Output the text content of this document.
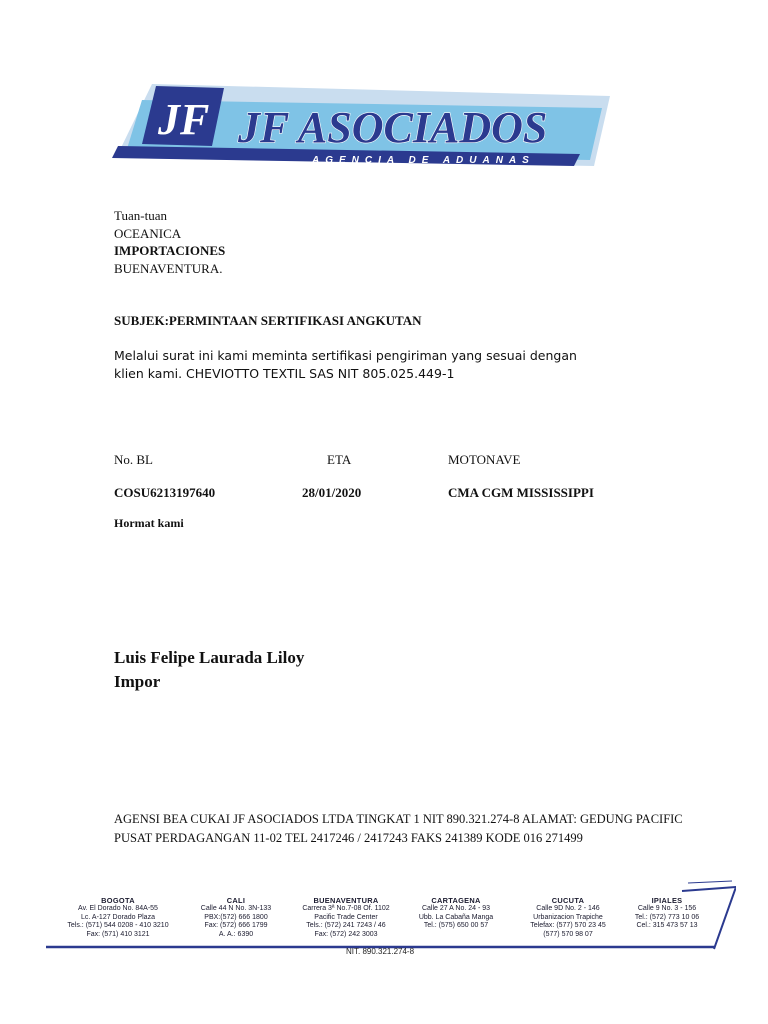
JF JF ASOCIADOS
AGENCIA DE ADUANAS
Tuan-tuan
OCEANICA
IMPORTACIONES
BUENAVENTURA.
SUBJEK:PERMINTAAN SERTIFIKASI ANGKUTAN
Melalui surat ini kami meminta sertifikasi pengiriman yang sesuai dengan
klien kami. CHEVIOTTO TEXTIL SAS NIT 805.025.449-1
No. BL	ETA	MOTONAVE
COSU6213197640	28/01/2020	CMA CGM MISSISSIPPI
Hormat kami
Luis Felipe Laurada Liloy
Impor
AGENSI BEA CUKAI JF ASOCIADOS LTDA TINGKAT 1 NIT 890.321.274-8 ALAMAT: GEDUNG PACIFIC
PUSAT PERDAGANGAN 11-02 TEL 2417246 / 2417243 FAKS 241389 KODE 016 271499
BOGOTA
Av. El Dorado No. 84A-55
Lc. A-127 Dorado Plaza
Tels.: (571) 544 0208 - 410 3210
Fax: (571) 410 3121
CALI
Calle 44 N No. 3N-133
PBX:(572) 666 1800
Fax: (572) 666 1799
A. A.: 6390
BUENAVENTURA
Carrera 3ª No.7-08 Of. 1102
Pacific Trade Center
Tels.: (572) 241 7243 / 46
Fax: (572) 242 3003
CARTAGENA
Calle 27 A No. 24 - 93
Ubb. La Cabaña Manga
Tel.: (575) 650 00 57
CUCUTA
Calle 9D No. 2 - 146
Urbanizacion Trapiche
Telefax: (577) 570 23 45
(577) 570 98 07
IPIALES
Calle 9 No. 3 - 156
Tel.: (572) 773 10 06
Cel.: 315 473 57 13
NIT. 890.321.274-8
